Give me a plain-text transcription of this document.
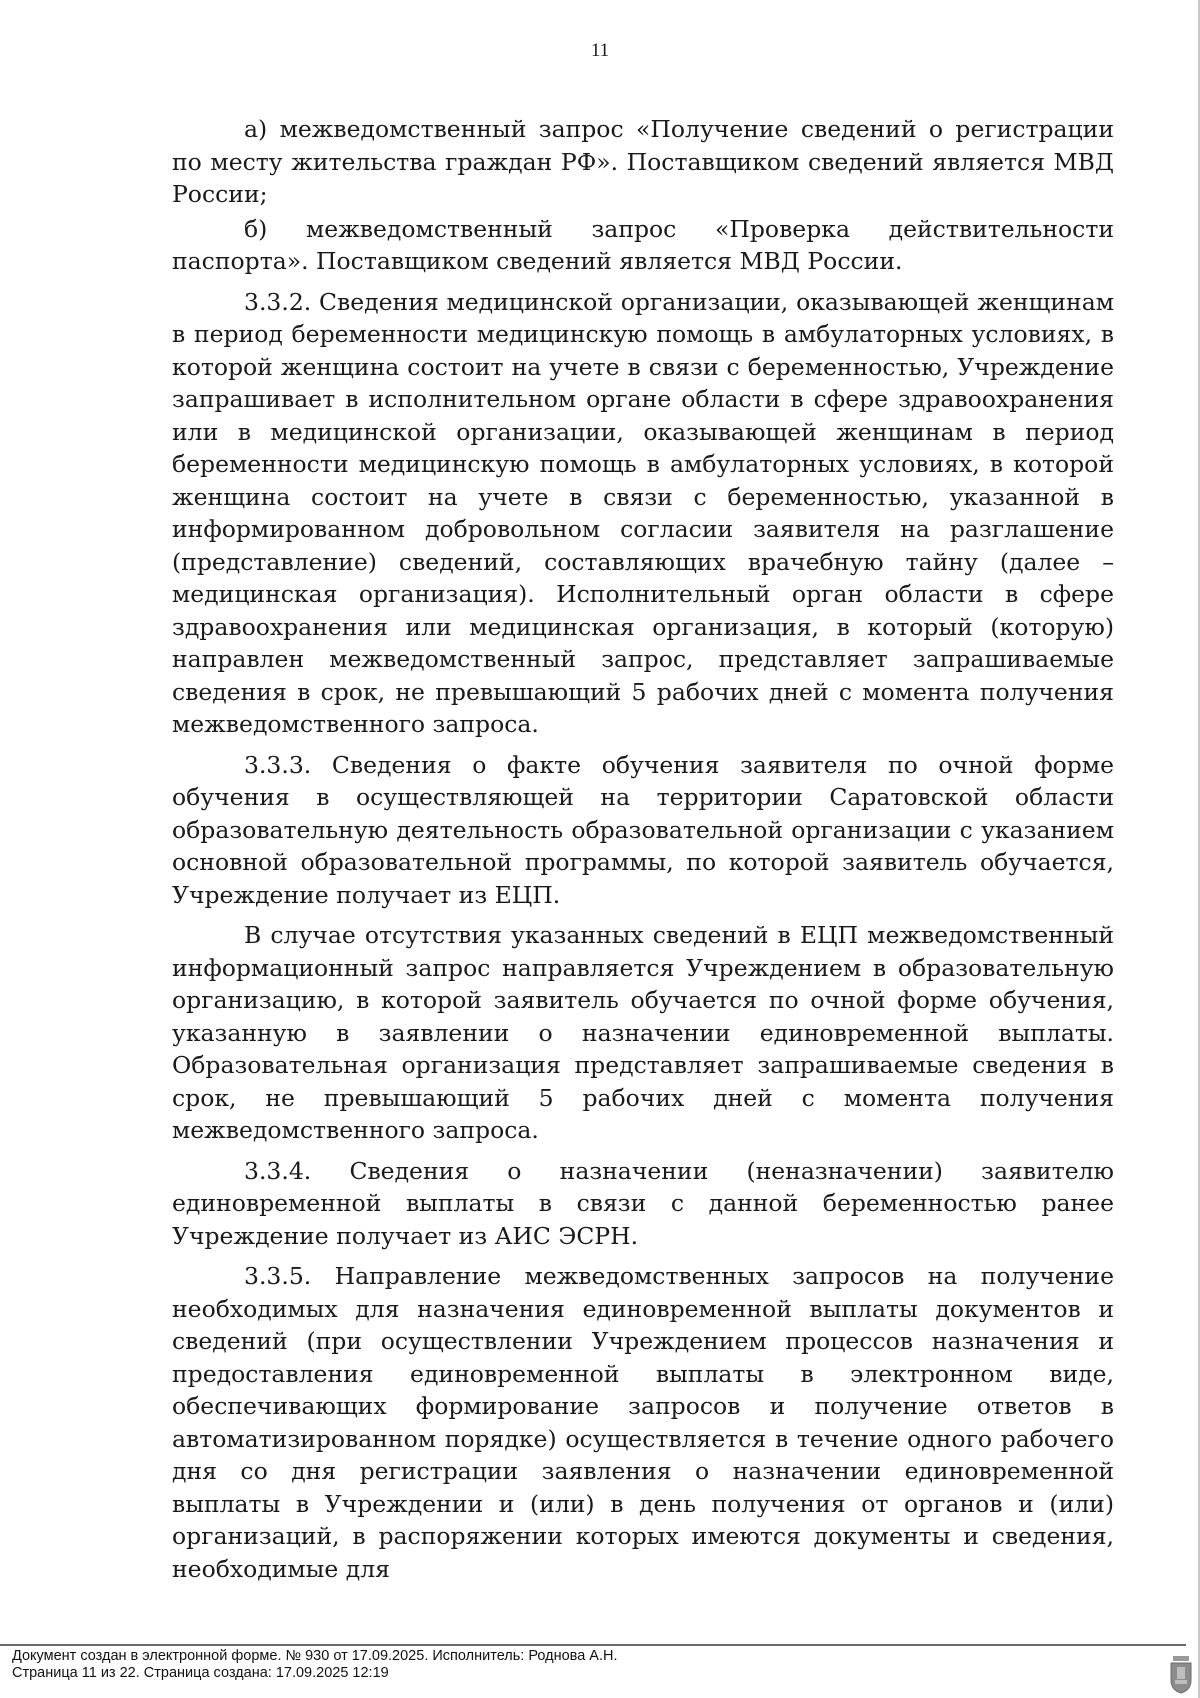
11

а) межведомственный запрос «Получение сведений о регистрации по месту жительства граждан РФ». Поставщиком сведений является МВД России;

б) межведомственный запрос «Проверка действительности паспорта». Поставщиком сведений является МВД России.

3.3.2. Сведения медицинской организации, оказывающей женщинам в период беременности медицинскую помощь в амбулаторных условиях, в которой женщина состоит на учете в связи с беременностью, Учреждение запрашивает в исполнительном органе области в сфере здравоохранения или в медицинской организации, оказывающей женщинам в период беременности медицинскую помощь в амбулаторных условиях, в которой женщина состоит на учете в связи с беременностью, указанной в информированном добровольном согласии заявителя на разглашение (представление) сведений, составляющих врачебную тайну (далее – медицинская организация). Исполнительный орган области в сфере здравоохранения или медицинская организация, в который (которую) направлен межведомственный запрос, представляет запрашиваемые сведения в срок, не превышающий 5 рабочих дней с момента получения межведомственного запроса.

3.3.3. Сведения о факте обучения заявителя по очной форме обучения в осуществляющей на территории Саратовской области образовательную деятельность образовательной организации с указанием основной образовательной программы, по которой заявитель обучается, Учреждение получает из ЕЦП.

В случае отсутствия указанных сведений в ЕЦП межведомственный информационный запрос направляется Учреждением в образовательную организацию, в которой заявитель обучается по очной форме обучения, указанную в заявлении о назначении единовременной выплаты. Образовательная организация представляет запрашиваемые сведения в срок, не превышающий 5 рабочих дней с момента получения межведомственного запроса.

3.3.4. Сведения о назначении (неназначении) заявителю единовременной выплаты в связи с данной беременностью ранее Учреждение получает из АИС ЭСРН.

3.3.5. Направление межведомственных запросов на получение необходимых для назначения единовременной выплаты документов и сведений (при осуществлении Учреждением процессов назначения и предоставления единовременной выплаты в электронном виде, обеспечивающих формирование запросов и получение ответов в автоматизированном порядке) осуществляется в течение одного рабочего дня со дня регистрации заявления о назначении единовременной выплаты в Учреждении и (или) в день получения от органов и (или) организаций, в распоряжении которых имеются документы и сведения, необходимые для

Документ создан в электронной форме. № 930 от 17.09.2025. Исполнитель: Роднова А.Н.
Страница 11 из 22. Страница создана: 17.09.2025 12:19
